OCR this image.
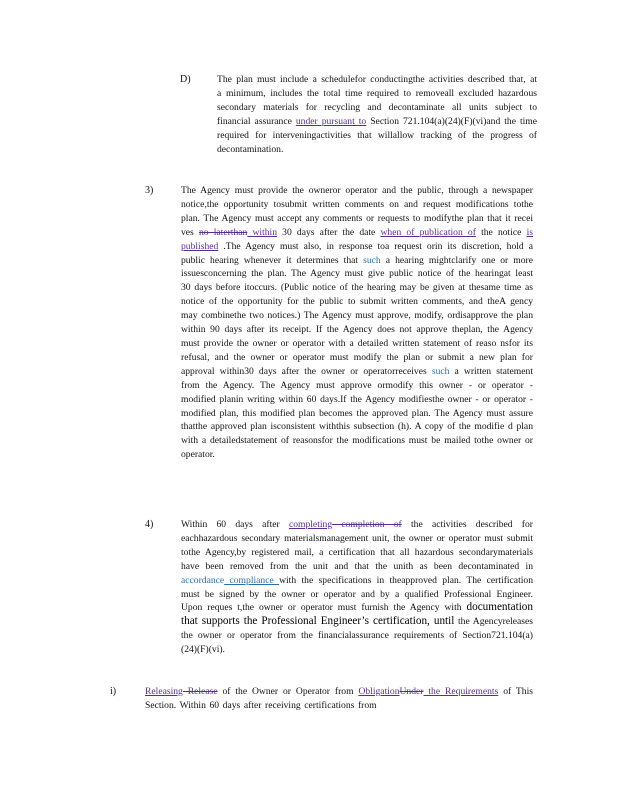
D)	The plan must include a schedulefor conductingthe activities described that, at a minimum, includes the total time required to removeall excluded hazardous secondary materials for recycling and decontaminate all units subject to financial assurance under pursuant to Section 721.104(a)(24)(F)(vi)and the time required for interveningactivities that willallow tracking of the progress of decontamination.
3)	The Agency must provide the owneror operator and the public, through a newspaper notice,the opportunity tosubmit written comments on and request modifications tothe plan. The Agency must accept any comments or requests to modifythe plan that it recei ves no laterthan within 30 days after the date when of publication of the notice is published .The Agency must also, in response toa request orin its discretion, hold a public hearing whenever it determines that such a hearing mightclarify one or more issuesconcerning the plan. The Agency must give public notice of the hearingat least 30 days before itoccurs. (Public notice of the hearing may be given at thesame time as notice of the opportunity for the public to submit written comments, and theA gency may combinethe two notices.) The Agency must approve, modify, ordisapprove the plan within 90 days after its receipt. If the Agency does not approve theplan, the Agency must provide the owner or operator with a detailed written statement of reaso nsfor its refusal, and the owner or operator must modify the plan or submit a new plan for approval within30 days after the owner or operatorreceives such a written statement from the Agency. The Agency must approve ormodify this owner - or operator -modified planin writing within 60 days.If the Agency modifiesthe owner - or operator -modified plan, this modified plan becomes the approved plan. The Agency must assure thatthe approved plan isconsistent withthis subsection (h). A copy of the modifie d plan with a detailedstatement of reasonsfor the modifications must be mailed tothe owner or operator.
4)	Within 60 days after completing completion of the activities described for eachhazardous secondary materialsmanagement unit, the owner or operator must submit tothe Agency,by registered mail, a certification that all hazardous secondarymaterials have been removed from the unit and that the unith as been decontaminated in accordance compliance with the specifications in theapproved plan. The certification must be signed by the owner or operator and by a qualified Professional Engineer. Upon reques t,the owner or operator must furnish the Agency with documentation that supports the Professional Engineer’s certification, until the Agencyreleases the owner or operator from the financialassurance requirements of Section721.104(a)(24)(F)(vi).
i)	Releasing Release of the Owner or Operator from ObligationUnder the Requirements of This Section. Within 60 days after receiving certifications from
